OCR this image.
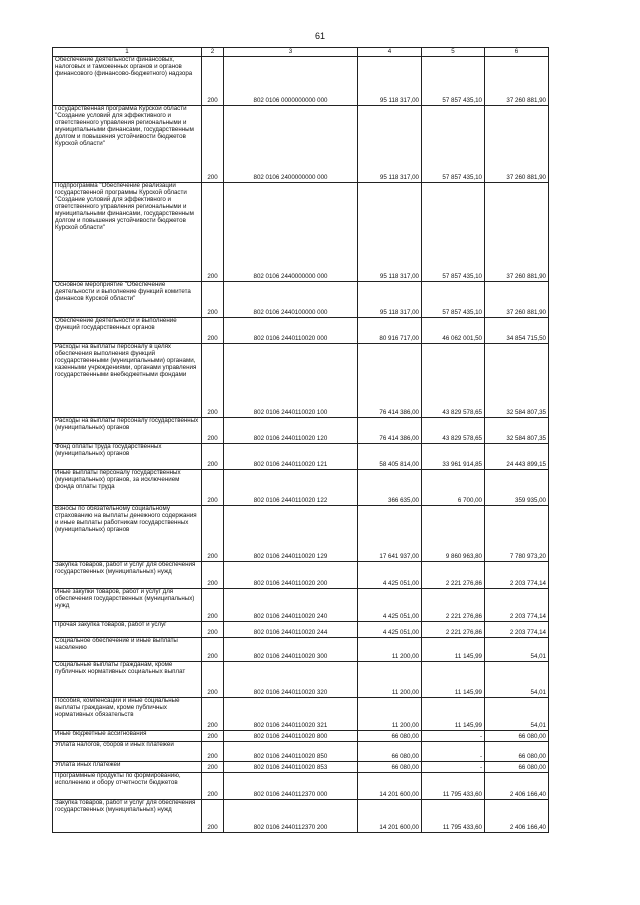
61
1	2	3	4	5	6
Обеспечение деятельности финансовых, налоговых и таможенных органов и органов финансового (финансово-бюджетного) надзора	200	802 0106 0000000000 000	95 118 317,00	57 857 435,10	37 260 881,90
Государственная программа Курской области "Создание условий для эффективного и ответственного управления региональными и муниципальными финансами, государственным долгом и повышения устойчивости бюджетов Курской области"	200	802 0106 2400000000 000	95 118 317,00	57 857 435,10	37 260 881,90
Подпрограмма "Обеспечение реализации государственной программы Курской области "Создание условий для эффективного и ответственного управления региональными и муниципальными финансами, государственным долгом и повышения устойчивости бюджетов Курской области"	200	802 0106 2440000000 000	95 118 317,00	57 857 435,10	37 260 881,90
Основное мероприятие "Обеспечение деятельности и выполнение функций комитета финансов Курской области"	200	802 0106 2440100000 000	95 118 317,00	57 857 435,10	37 260 881,90
Обеспечение деятельности и выполнение функций государственных органов	200	802 0106 2440110020 000	80 916 717,00	46 062 001,50	34 854 715,50
Расходы на выплаты персоналу в целях обеспечения выполнения функций государственными (муниципальными) органами, казенными учреждениями, органами управления государственными внебюджетными фондами	200	802 0106 2440110020 100	76 414 386,00	43 829 578,65	32 584 807,35
Расходы на выплаты персоналу государственных (муниципальных) органов	200	802 0106 2440110020 120	76 414 386,00	43 829 578,65	32 584 807,35
Фонд оплаты труда государственных (муниципальных) органов	200	802 0106 2440110020 121	58 405 814,00	33 961 914,85	24 443 899,15
Иные выплаты персоналу государственных (муниципальных) органов, за исключением фонда оплаты труда	200	802 0106 2440110020 122	366 635,00	6 700,00	359 935,00
Взносы по обязательному социальному страхованию на выплаты денежного содержания и иные выплаты работникам государственных (муниципальных) органов	200	802 0106 2440110020 129	17 641 937,00	9 860 963,80	7 780 973,20
Закупка товаров, работ и услуг для обеспечения государственных (муниципальных) нужд	200	802 0106 2440110020 200	4 425 051,00	2 221 276,86	2 203 774,14
Иные закупки товаров, работ и услуг для обеспечения государственных (муниципальных) нужд	200	802 0106 2440110020 240	4 425 051,00	2 221 276,86	2 203 774,14
Прочая закупка товаров, работ и услуг	200	802 0106 2440110020 244	4 425 051,00	2 221 276,86	2 203 774,14
Социальное обеспечение и иные выплаты населению	200	802 0106 2440110020 300	11 200,00	11 145,99	54,01
Социальные выплаты гражданам, кроме публичных нормативных социальных выплат	200	802 0106 2440110020 320	11 200,00	11 145,99	54,01
Пособия, компенсации и иные социальные выплаты гражданам, кроме публичных нормативных обязательств	200	802 0106 2440110020 321	11 200,00	11 145,99	54,01
Иные бюджетные ассигнования	200	802 0106 2440110020 800	66 080,00	-	66 080,00
Уплата налогов, сборов и иных платежей	200	802 0106 2440110020 850	66 080,00	-	66 080,00
Уплата иных платежей	200	802 0106 2440110020 853	66 080,00	-	66 080,00
Программные продукты по формированию, исполнению и обору отчетности бюджетов	200	802 0106 2440112370 000	14 201 600,00	11 795 433,60	2 406 166,40
Закупка товаров, работ и услуг для обеспечения государственных (муниципальных) нужд	200	802 0106 2440112370 200	14 201 600,00	11 795 433,60	2 406 166,40
